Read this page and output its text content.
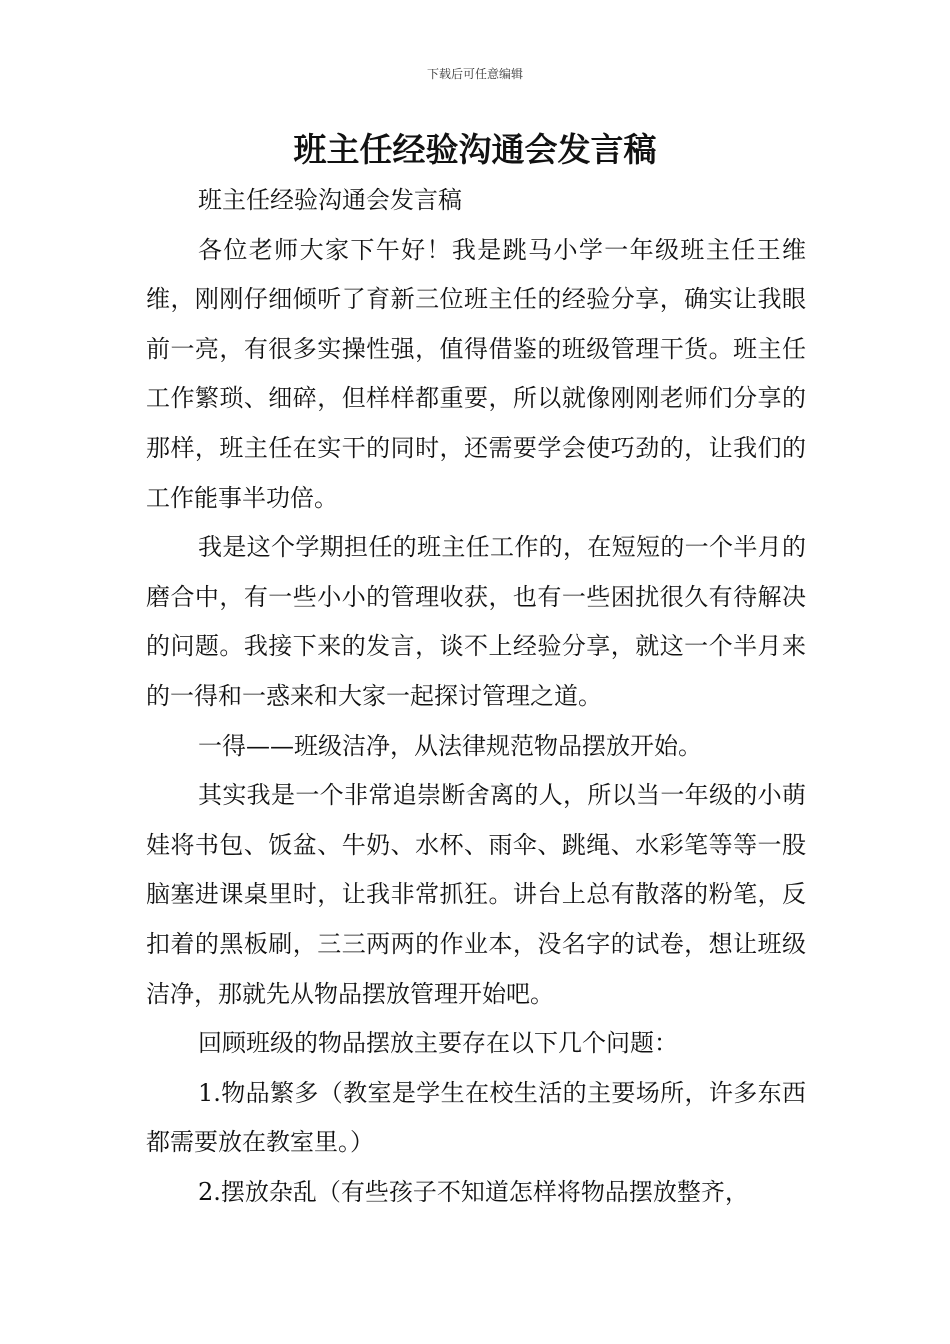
下载后可任意编辑
班主任经验沟通会发言稿

班主任经验沟通会发言稿

各位老师大家下午好！我是跳马小学一年级班主任王维维，刚刚仔细倾听了育新三位班主任的经验分享，确实让我眼前一亮，有很多实操性强，值得借鉴的班级管理干货。班主任工作繁琐、细碎，但样样都重要，所以就像刚刚老师们分享的那样，班主任在实干的同时，还需要学会使巧劲的，让我们的工作能事半功倍。

我是这个学期担任的班主任工作的，在短短的一个半月的磨合中，有一些小小的管理收获，也有一些困扰很久有待解决的问题。我接下来的发言，谈不上经验分享，就这一个半月来的一得和一惑来和大家一起探讨管理之道。

一得——班级洁净，从法律规范物品摆放开始。

其实我是一个非常追崇断舍离的人，所以当一年级的小萌娃将书包、饭盆、牛奶、水杯、雨伞、跳绳、水彩笔等等一股脑塞进课桌里时，让我非常抓狂。讲台上总有散落的粉笔，反扣着的黑板刷，三三两两的作业本，没名字的试卷，想让班级洁净，那就先从物品摆放管理开始吧。

回顾班级的物品摆放主要存在以下几个问题：

1.物品繁多（教室是学生在校生活的主要场所，许多东西都需要放在教室里。）

2.摆放杂乱（有些孩子不知道怎样将物品摆放整齐，
